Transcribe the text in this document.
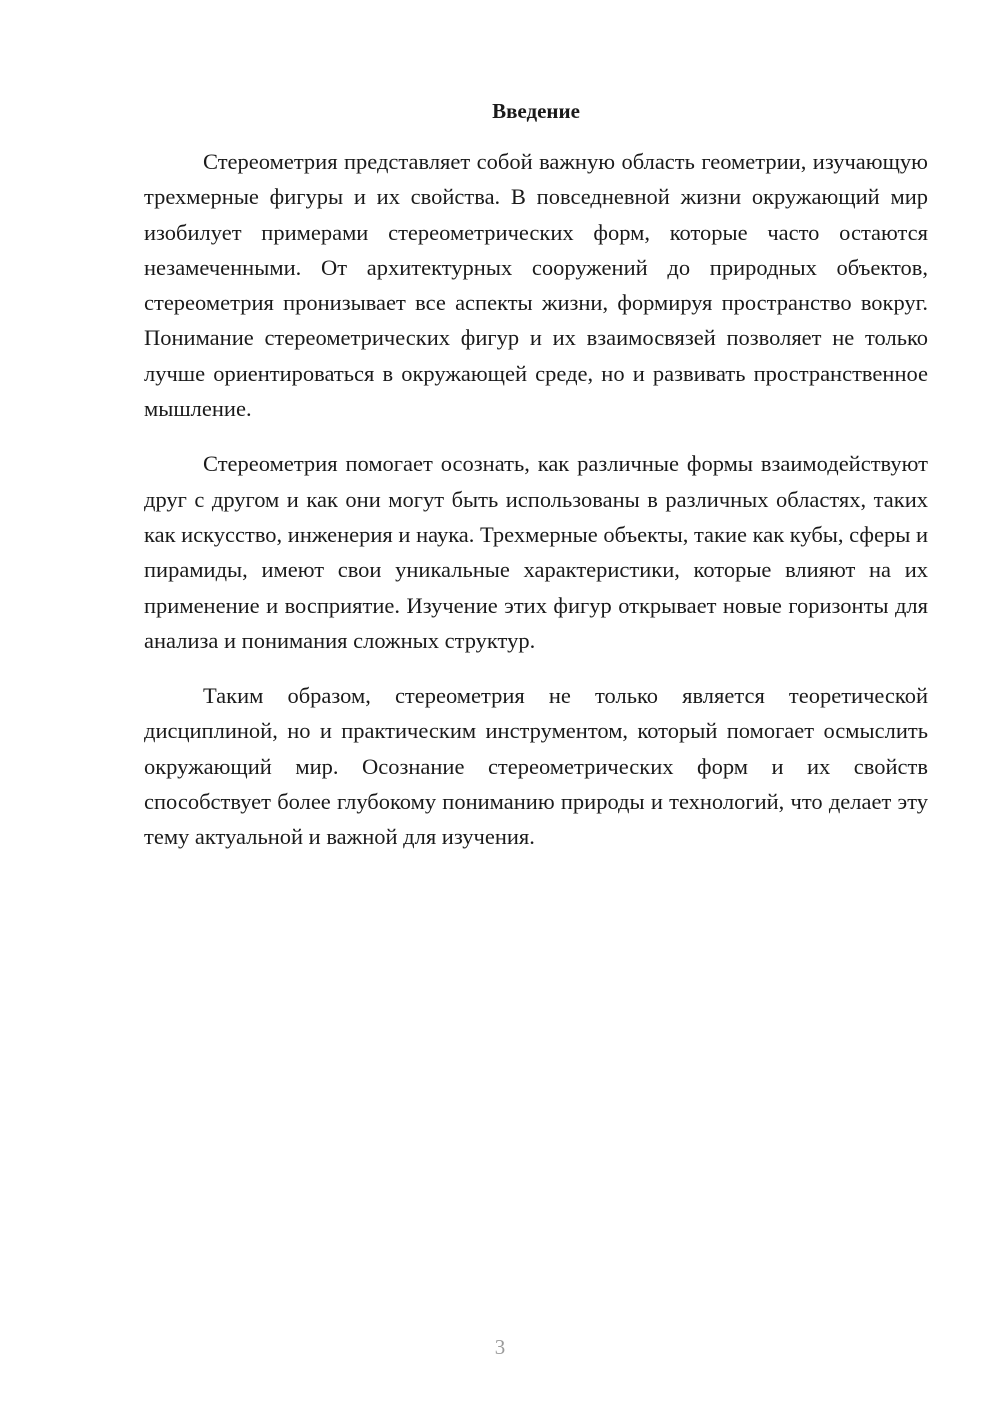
Введение

Стереометрия представляет собой важную область геометрии, изучающую трехмерные фигуры и их свойства. В повседневной жизни окружающий мир изобилует примерами стереометрических форм, которые часто остаются незамеченными. От архитектурных сооружений до природных объектов, стереометрия пронизывает все аспекты жизни, формируя пространство вокруг. Понимание стереометрических фигур и их взаимосвязей позволяет не только лучше ориентироваться в окружающей среде, но и развивать пространственное мышление.

Стереометрия помогает осознать, как различные формы взаимодействуют друг с другом и как они могут быть использованы в различных областях, таких как искусство, инженерия и наука. Трехмерные объекты, такие как кубы, сферы и пирамиды, имеют свои уникальные характеристики, которые влияют на их применение и восприятие. Изучение этих фигур открывает новые горизонты для анализа и понимания сложных структур.

Таким образом, стереометрия не только является теоретической дисциплиной, но и практическим инструментом, который помогает осмыслить окружающий мир. Осознание стереометрических форм и их свойств способствует более глубокому пониманию природы и технологий, что делает эту тему актуальной и важной для изучения.

3
